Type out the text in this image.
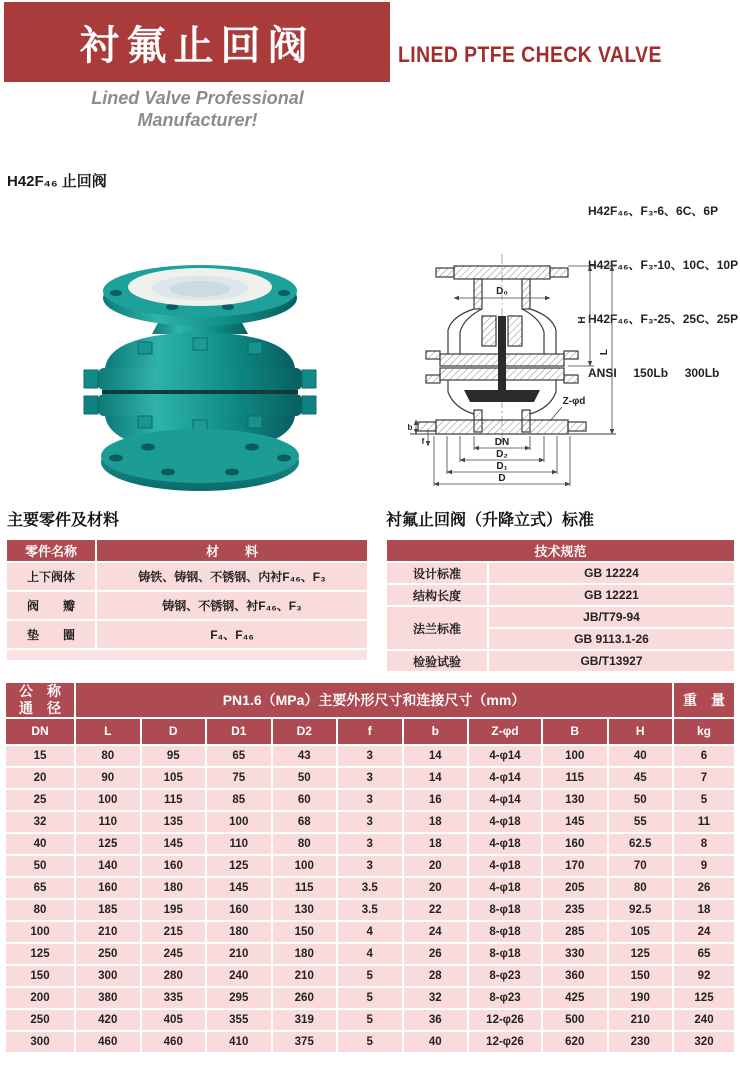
衬氟止回阀	LINED PTFE CHECK VALVE
Lined Valve Professional
Manufacturer!
H42F₄₆ 止回阀

H42F₄₆、F₃-6、6C、6P

H42F₄₆、F₃-10、10C、10P

H42F₄₆、F₃-25、25C、25P

ANSI     150Lb     300Lb

D₀
H
L
Z-φd
b
f	DN
D₂
D₁
D
主要零件及材料	衬氟止回阀（升降立式）标准
零件名称	材　　料
上下阀体	铸铁、铸钢、不锈钢、内衬F₄₆、F₃
阀　　瓣	铸钢、不锈钢、衬F₄₆、F₃
垫　　圈	F₄、F₄₆

技术规范	
设计标准	GB 12224
结构长度	GB 12221
法兰标准	JB/T79-94
	GB 9113.1-26
检验试验	GB/T13927
公　称
通　径	PN1.6（MPa）主要外形尺寸和连接尺寸（mm）									重　量
DN	L	D	D1	D2	f	b	Z-φd	B	H	kg
15	80	95	65	43	3	14	4-φ14	100	40	6
20	90	105	75	50	3	14	4-φ14	115	45	7
25	100	115	85	60	3	16	4-φ14	130	50	5
32	110	135	100	68	3	18	4-φ18	145	55	11
40	125	145	110	80	3	18	4-φ18	160	62.5	8
50	140	160	125	100	3	20	4-φ18	170	70	9
65	160	180	145	115	3.5	20	4-φ18	205	80	26
80	185	195	160	130	3.5	22	8-φ18	235	92.5	18
100	210	215	180	150	4	24	8-φ18	285	105	24
125	250	245	210	180	4	26	8-φ18	330	125	65
150	300	280	240	210	5	28	8-φ23	360	150	92
200	380	335	295	260	5	32	8-φ23	425	190	125
250	420	405	355	319	5	36	12-φ26	500	210	240
300	460	460	410	375	5	40	12-φ26	620	230	320
